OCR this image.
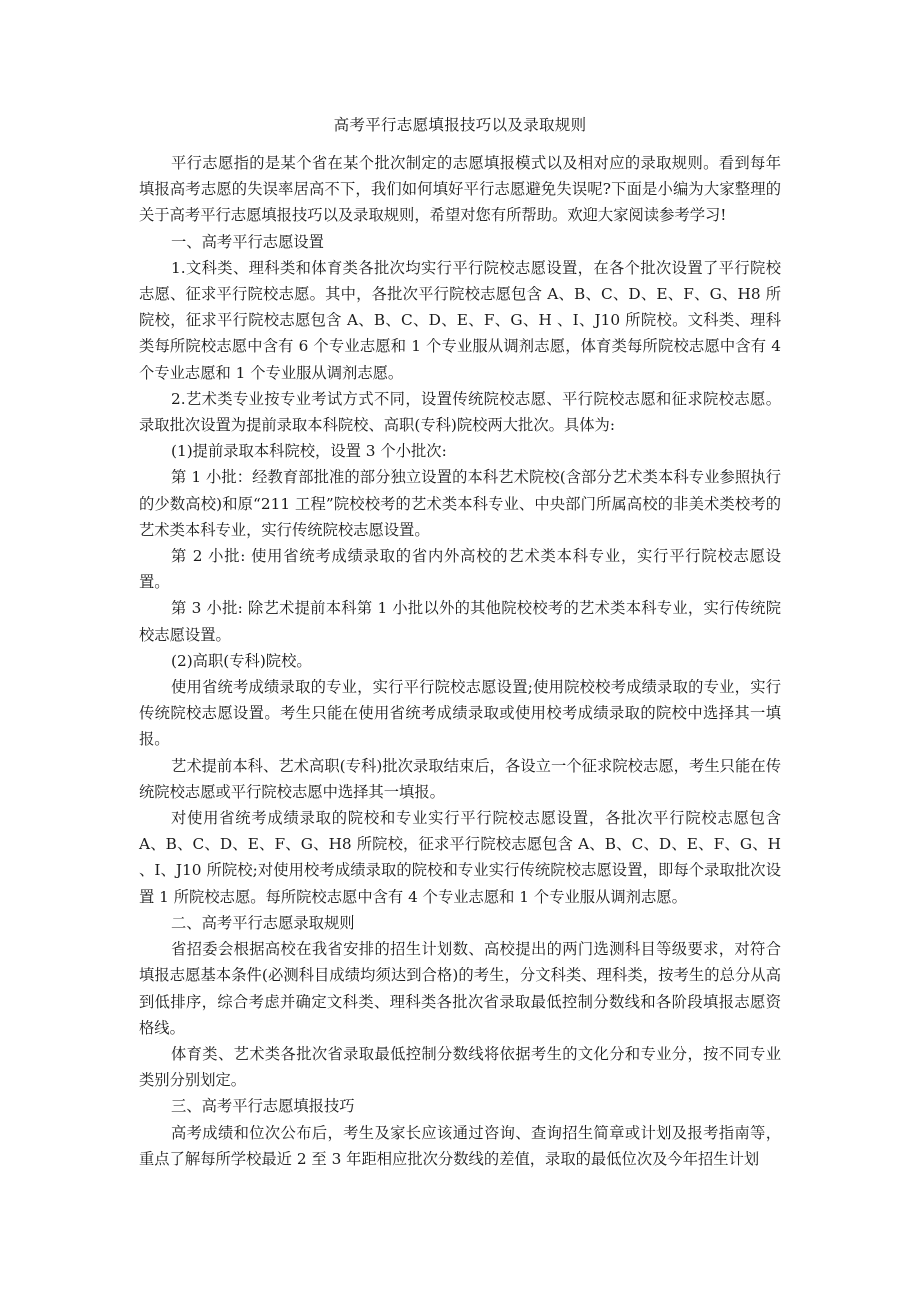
高考平行志愿填报技巧以及录取规则

平行志愿指的是某个省在某个批次制定的志愿填报模式以及相对应的录取规则。看到每年填报高考志愿的失误率居高不下，我们如何填好平行志愿避免失误呢?下面是小编为大家整理的关于高考平行志愿填报技巧以及录取规则，希望对您有所帮助。欢迎大家阅读参考学习!

一、高考平行志愿设置

1.文科类、理科类和体育类各批次均实行平行院校志愿设置，在各个批次设置了平行院校志愿、征求平行院校志愿。其中，各批次平行院校志愿包含 A、B、C、D、E、F、G、H8 所院校，征求平行院校志愿包含 A、B、C、D、E、F、G、H 、I、J10 所院校。文科类、理科类每所院校志愿中含有 6 个专业志愿和 1 个专业服从调剂志愿，体育类每所院校志愿中含有 4 个专业志愿和 1 个专业服从调剂志愿。

2.艺术类专业按专业考试方式不同，设置传统院校志愿、平行院校志愿和征求院校志愿。录取批次设置为提前录取本科院校、高职(专科)院校两大批次。具体为:

(1)提前录取本科院校，设置 3 个小批次:

第 1 小批：经教育部批准的部分独立设置的本科艺术院校(含部分艺术类本科专业参照执行的少数高校)和原“211 工程”院校校考的艺术类本科专业、中央部门所属高校的非美术类校考的艺术类本科专业，实行传统院校志愿设置。

第 2 小批: 使用省统考成绩录取的省内外高校的艺术类本科专业，实行平行院校志愿设置。

第 3 小批: 除艺术提前本科第 1 小批以外的其他院校校考的艺术类本科专业，实行传统院校志愿设置。

(2)高职(专科)院校。

使用省统考成绩录取的专业，实行平行院校志愿设置;使用院校校考成绩录取的专业，实行传统院校志愿设置。考生只能在使用省统考成绩录取或使用校考成绩录取的院校中选择其一填报。

艺术提前本科、艺术高职(专科)批次录取结束后，各设立一个征求院校志愿，考生只能在传统院校志愿或平行院校志愿中选择其一填报。

对使用省统考成绩录取的院校和专业实行平行院校志愿设置，各批次平行院校志愿包含 A、B、C、D、E、F、G、H8 所院校，征求平行院校志愿包含 A、B、C、D、E、F、G、H 、I、J10 所院校;对使用校考成绩录取的院校和专业实行传统院校志愿设置，即每个录取批次设置 1 所院校志愿。每所院校志愿中含有 4 个专业志愿和 1 个专业服从调剂志愿。

二、高考平行志愿录取规则

省招委会根据高校在我省安排的招生计划数、高校提出的两门选测科目等级要求，对符合填报志愿基本条件(必测科目成绩均须达到合格)的考生，分文科类、理科类，按考生的总分从高到低排序，综合考虑并确定文科类、理科类各批次省录取最低控制分数线和各阶段填报志愿资格线。

体育类、艺术类各批次省录取最低控制分数线将依据考生的文化分和专业分，按不同专业类别分别划定。

三、高考平行志愿填报技巧

高考成绩和位次公布后，考生及家长应该通过咨询、查询招生简章或计划及报考指南等，重点了解每所学校最近 2 至 3 年距相应批次分数线的差值，录取的最低位次及今年招生计划
